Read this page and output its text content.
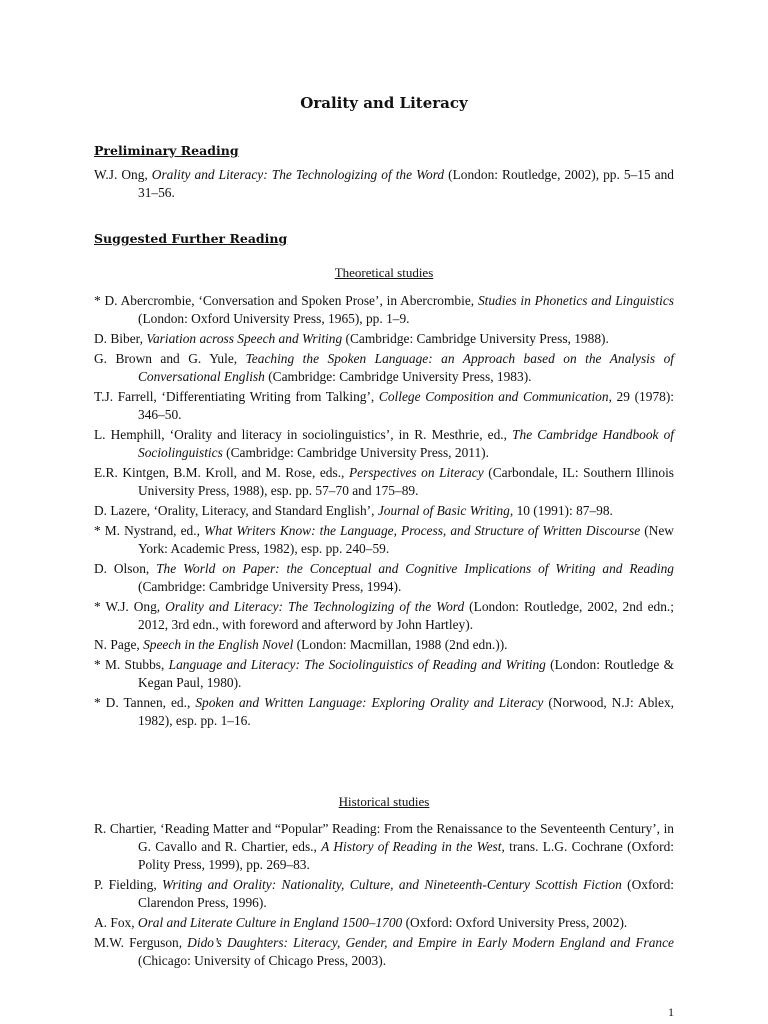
Orality and Literacy
Preliminary Reading
W.J. Ong, Orality and Literacy: The Technologizing of the Word (London: Routledge, 2002), pp. 5–15 and 31–56.
Suggested Further Reading
Theoretical studies
* D. Abercrombie, ‘Conversation and Spoken Prose’, in Abercrombie, Studies in Phonetics and Linguistics (London: Oxford University Press, 1965), pp. 1–9.
D. Biber, Variation across Speech and Writing (Cambridge: Cambridge University Press, 1988).
G. Brown and G. Yule, Teaching the Spoken Language: an Approach based on the Analysis of Conversational English (Cambridge: Cambridge University Press, 1983).
T.J. Farrell, ‘Differentiating Writing from Talking’, College Composition and Communication, 29 (1978): 346–50.
L. Hemphill, ‘Orality and literacy in sociolinguistics’, in R. Mesthrie, ed., The Cambridge Handbook of Sociolinguistics (Cambridge: Cambridge University Press, 2011).
E.R. Kintgen, B.M. Kroll, and M. Rose, eds., Perspectives on Literacy (Carbondale, IL: Southern Illinois University Press, 1988), esp. pp. 57–70 and 175–89.
D. Lazere, ‘Orality, Literacy, and Standard English’, Journal of Basic Writing, 10 (1991): 87–98.
* M. Nystrand, ed., What Writers Know: the Language, Process, and Structure of Written Discourse (New York: Academic Press, 1982), esp. pp. 240–59.
D. Olson, The World on Paper: the Conceptual and Cognitive Implications of Writing and Reading (Cambridge: Cambridge University Press, 1994).
* W.J. Ong, Orality and Literacy: The Technologizing of the Word (London: Routledge, 2002, 2nd edn.; 2012, 3rd edn., with foreword and afterword by John Hartley).
N. Page, Speech in the English Novel (London: Macmillan, 1988 (2nd edn.)).
* M. Stubbs, Language and Literacy: The Sociolinguistics of Reading and Writing (London: Routledge & Kegan Paul, 1980).
* D. Tannen, ed., Spoken and Written Language: Exploring Orality and Literacy (Norwood, N.J: Ablex, 1982), esp. pp. 1–16.
Historical studies
R. Chartier, ‘Reading Matter and “Popular” Reading: From the Renaissance to the Seventeenth Century’, in G. Cavallo and R. Chartier, eds., A History of Reading in the West, trans. L.G. Cochrane (Oxford: Polity Press, 1999), pp. 269–83.
P. Fielding, Writing and Orality: Nationality, Culture, and Nineteenth-Century Scottish Fiction (Oxford: Clarendon Press, 1996).
A. Fox, Oral and Literate Culture in England 1500–1700 (Oxford: Oxford University Press, 2002).
M.W. Ferguson, Dido’s Daughters: Literacy, Gender, and Empire in Early Modern England and France (Chicago: University of Chicago Press, 2003).
1
